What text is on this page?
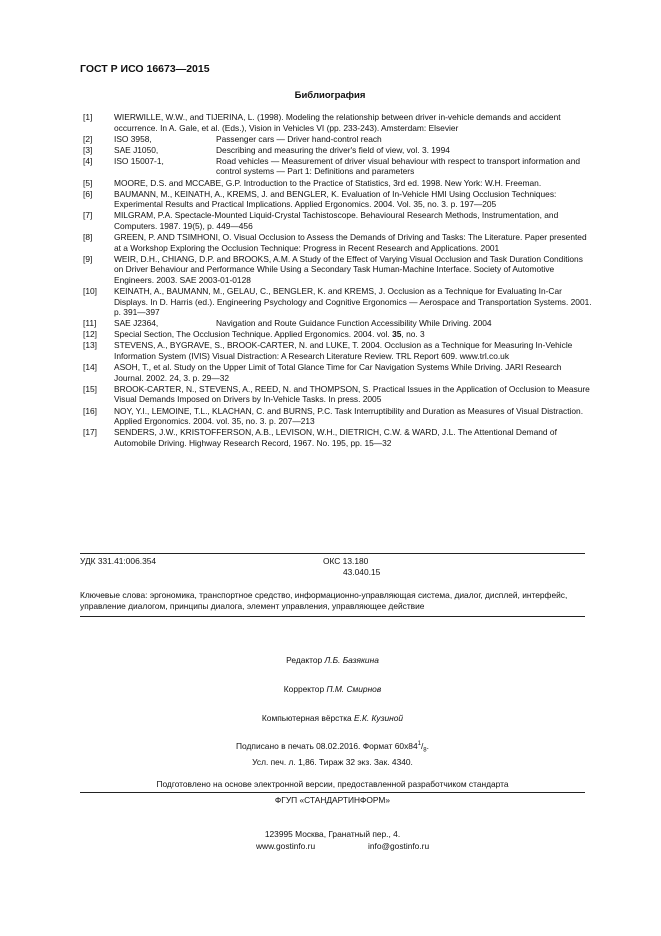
ГОСТ Р ИСО 16673—2015
Библиография
[1]	WIERWILLE, W.W., and TIJERINA, L. (1998). Modeling the relationship between driver in-vehicle demands and accident occurrence. In A. Gale, et al. (Eds.), Vision in Vehicles VI (pp. 233-243). Amsterdam: Elsevier
[2]	ISO 3958,	Passenger cars — Driver hand-control reach
[3]	SAE J1050,	Describing and measuring the driver's field of view, vol. 3. 1994
[4]	ISO 15007-1,	Road vehicles — Measurement of driver visual behaviour with respect to transport information and control systems — Part 1: Definitions and parameters
[5]	MOORE, D.S. and MCCABE, G.P. Introduction to the Practice of Statistics, 3rd ed. 1998. New York: W.H. Freeman.
[6]	BAUMANN, M., KEINATH, A., KREMS, J. and BENGLER, K. Evaluation of In-Vehicle HMI Using Occlusion Techniques: Experimental Results and Practical Implications. Applied Ergonomics. 2004. Vol. 35, no. 3. p. 197—205
[7]	MILGRAM, P.A. Spectacle-Mounted Liquid-Crystal Tachistoscope. Behavioural Research Methods, Instrumentation, and Computers. 1987. 19(5), p. 449—456
[8]	GREEN, P. AND TSIMHONI, O. Visual Occlusion to Assess the Demands of Driving and Tasks: The Literature. Paper presented at a Workshop Exploring the Occlusion Technique: Progress in Recent Research and Applications. 2001
[9]	WEIR, D.H., CHIANG, D.P. and BROOKS, A.M. A Study of the Effect of Varying Visual Occlusion and Task Duration Conditions on Driver Behaviour and Performance While Using a Secondary Task Human-Machine Interface. Society of Automotive Engineers. 2003. SAE 2003-01-0128
[10] KEINATH, A., BAUMANN, M., GELAU, C., BENGLER, K. and KREMS, J. Occlusion as a Technique for Evaluating In-Car Displays. In D. Harris (ed.). Engineering Psychology and Cognitive Ergonomics — Aerospace and Transportation Systems. 2001. p. 391—397
[11] SAE J2364,	Navigation and Route Guidance Function Accessibility While Driving. 2004
[12] Special Section, The Occlusion Technique. Applied Ergonomics. 2004. vol. 35, no. 3
[13] STEVENS, A., BYGRAVE, S., BROOK-CARTER, N. and LUKE, T. 2004. Occlusion as a Technique for Measuring In-Vehicle Information System (IVIS) Visual Distraction: A Research Literature Review. TRL Report 609. www.trl.co.uk
[14] ASOH, T., et al. Study on the Upper Limit of Total Glance Time for Car Navigation Systems While Driving. JARI Research Journal. 2002. 24, 3. p. 29—32
[15] BROOK-CARTER, N., STEVENS, A., REED, N. and THOMPSON, S. Practical Issues in the Application of Occlusion to Measure Visual Demands Imposed on Drivers by In-Vehicle Tasks. In press. 2005
[16] NOY, Y.I., LEMOINE, T.L., KLACHAN, C. and BURNS, P.C. Task Interruptibility and Duration as Measures of Visual Distraction. Applied Ergonomics. 2004. vol. 35, no. 3. p. 207—213
[17] SENDERS, J.W., KRISTOFFERSON, A.B., LEVISON, W.H., DIETRICH, C.W. & WARD, J.L. The Attentional Demand of Automobile Driving. Highway Research Record, 1967. No. 195, pp. 15—32
УДК 331.41:006.354	ОКС 13.180
43.040.15
Ключевые слова: эргономика, транспортное средство, информационно-управляющая система, диалог, дисплей, интерфейс, управление диалогом, принципы диалога, элемент управления, управляющее действие
Редактор Л.Б. Базякина
Корректор П.М. Смирнов
Компьютерная вёрстка Е.К. Кузиной
Подписано в печать 08.02.2016. Формат $60x84^1/_8$.
Усл. печ. л. 1,86. Тираж 32 экз. Зак. 4340.
Подготовлено на основе электронной версии, предоставленной разработчиком стандарта
ФГУП «СТАНДАРТИНФОРМ»
123995 Москва, Гранатный пер., 4.
www.gostinfo.ru	info@gostinfo.ru
